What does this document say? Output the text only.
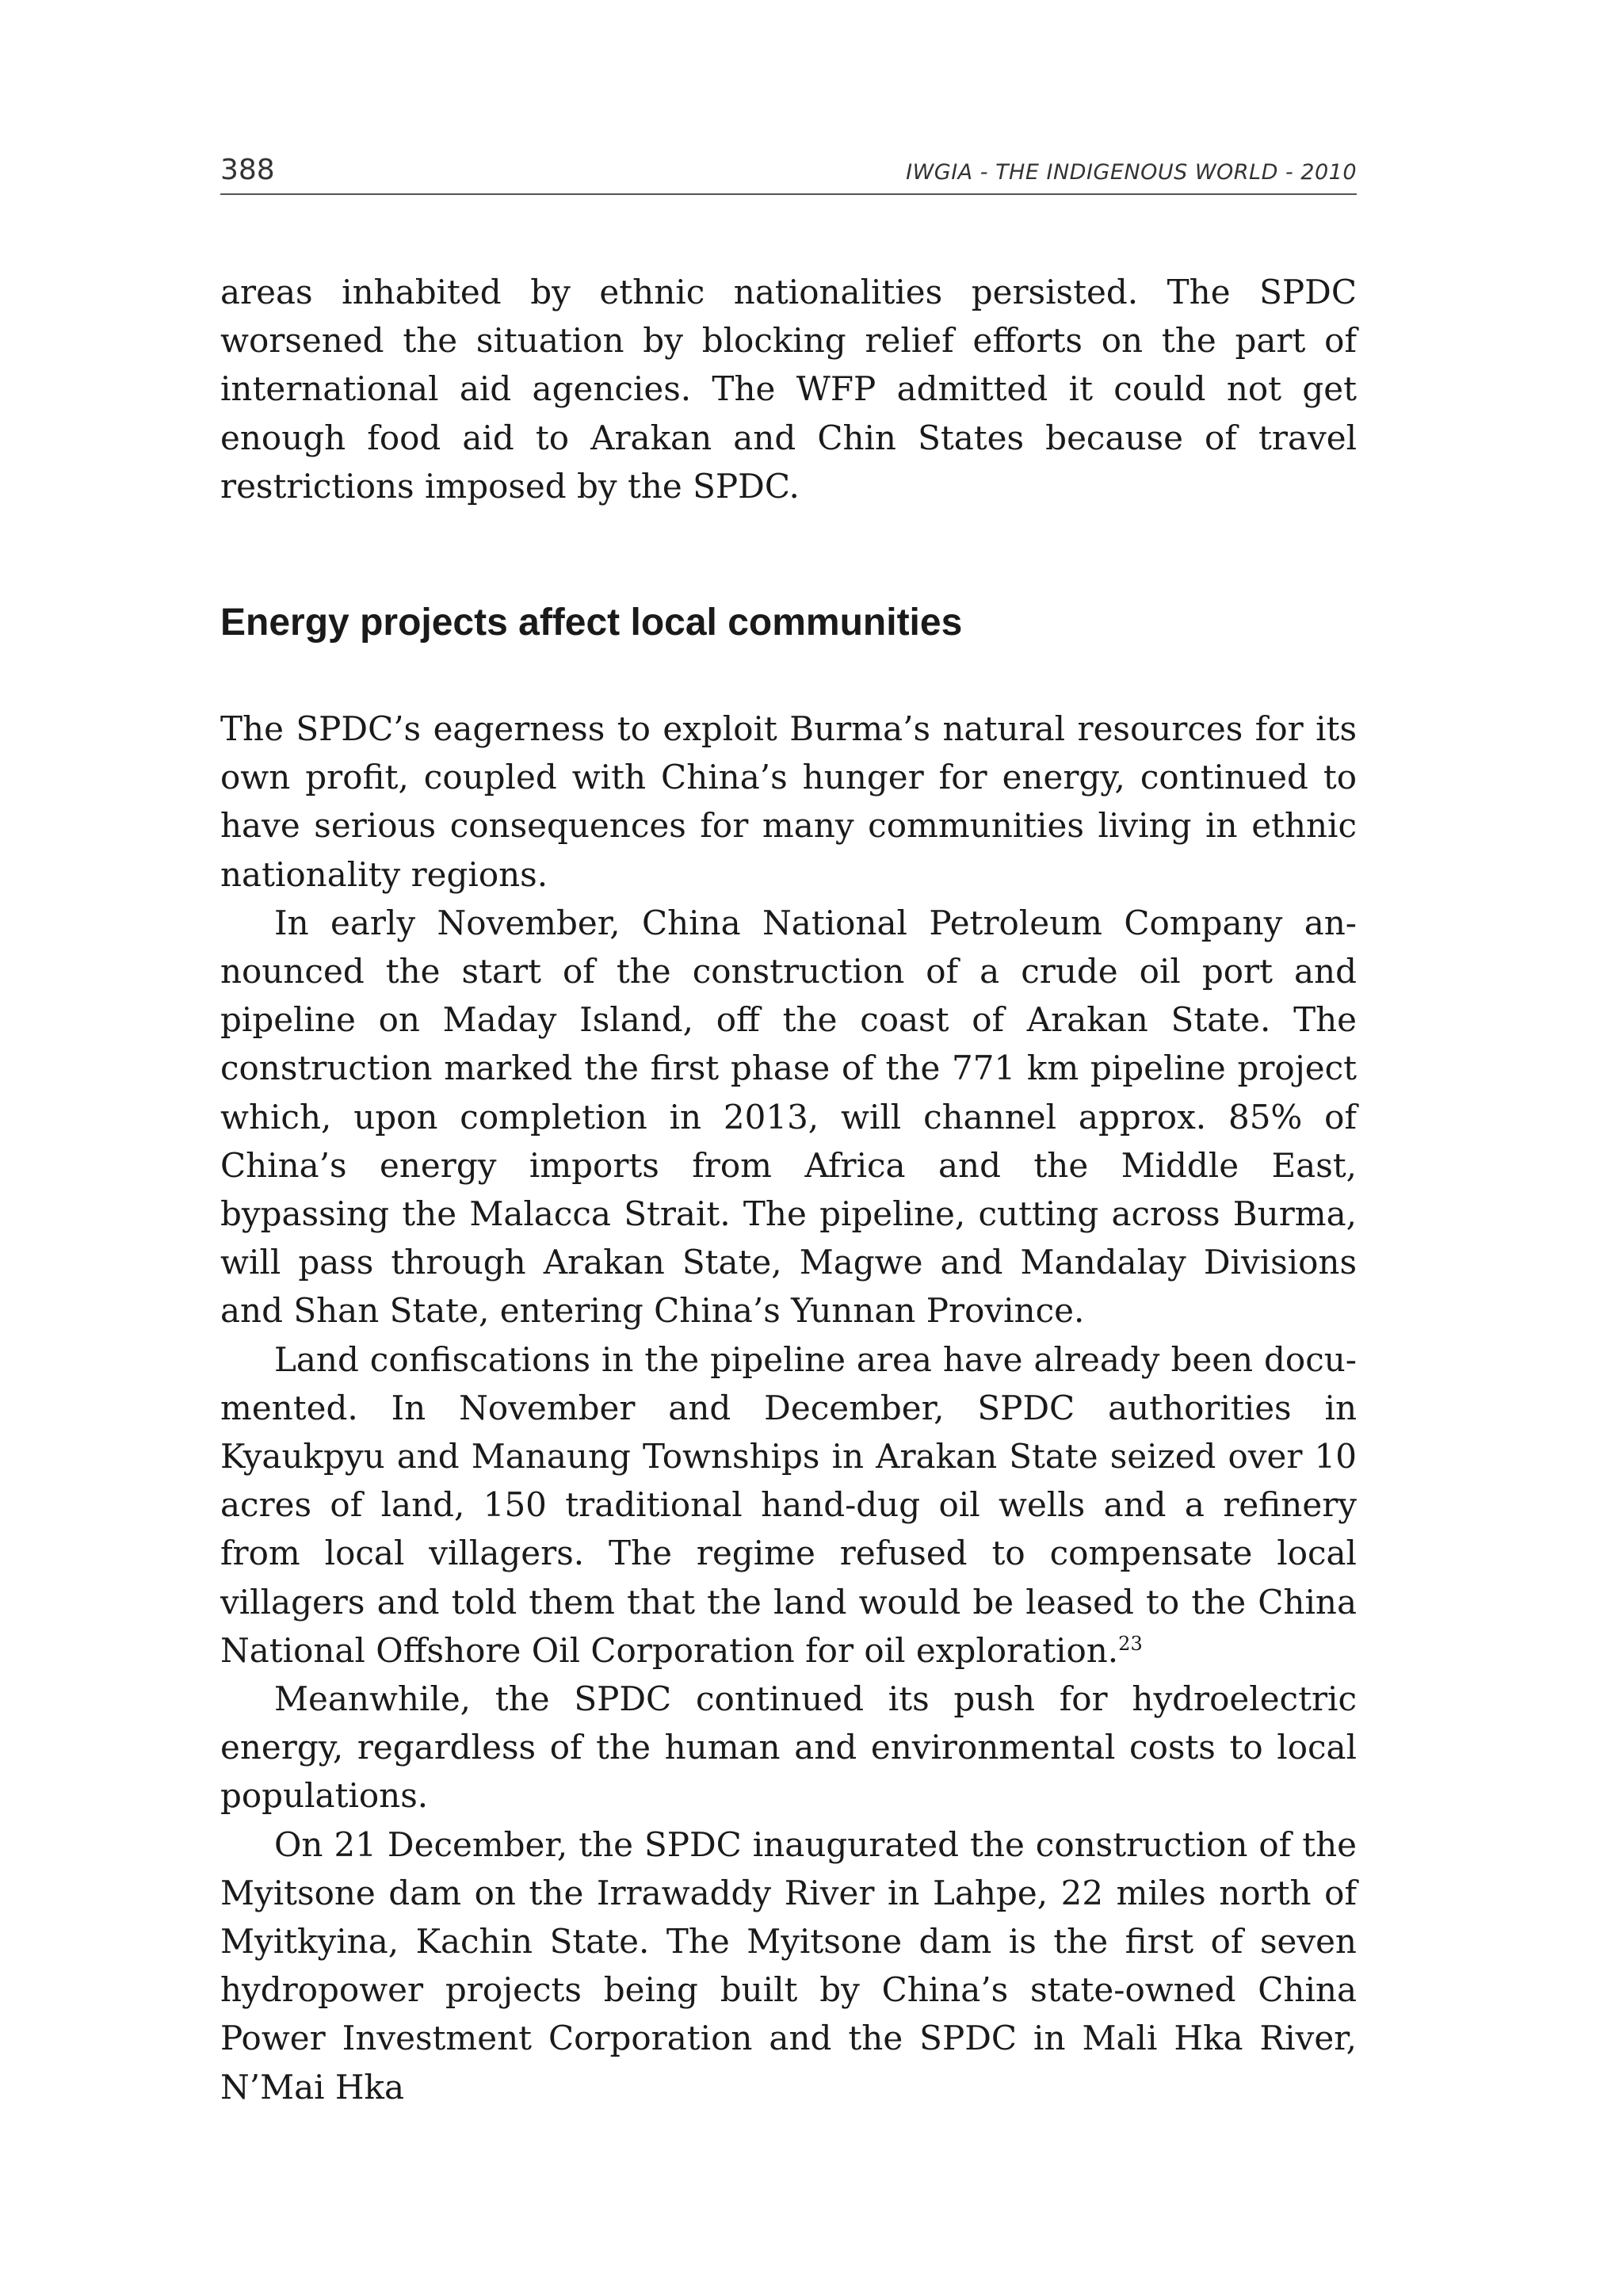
388	IWGIA - THE INDIGENOUS WORLD - 2010

areas inhabited by ethnic nationalities persisted. The SPDC worsened the situation by blocking relief efforts on the part of international aid agencies. The WFP admitted it could not get enough food aid to Arakan and Chin States because of travel restrictions imposed by the SPDC.

Energy projects affect local communities

The SPDC’s eagerness to exploit Burma’s natural resources for its own profit, coupled with China’s hunger for energy, continued to have serious consequences for many communities living in ethnic nationality regions.

In early November, China National Petroleum Company announced the start of the construction of a crude oil port and pipeline on Maday Island, off the coast of Arakan State. The construction marked the first phase of the 771 km pipeline project which, upon completion in 2013, will channel approx. 85% of China’s energy imports from Africa and the Middle East, bypassing the Malacca Strait. The pipeline, cutting across Burma, will pass through Arakan State, Magwe and Mandalay Divisions and Shan State, entering China’s Yunnan Province.

Land confiscations in the pipeline area have already been documented. In November and December, SPDC authorities in Kyaukpyu and Manaung Townships in Arakan State seized over 10 acres of land, 150 traditional hand-dug oil wells and a refinery from local villagers. The regime refused to compensate local villagers and told them that the land would be leased to the China National Offshore Oil Corporation for oil exploration.$^{23}$

Meanwhile, the SPDC continued its push for hydroelectric energy, regardless of the human and environmental costs to local populations.

On 21 December, the SPDC inaugurated the construction of the Myitsone dam on the Irrawaddy River in Lahpe, 22 miles north of Myitkyina, Kachin State. The Myitsone dam is the first of seven hydropower projects being built by China’s state-owned China Power Investment Corporation and the SPDC in Mali Hka River, N’Mai Hka
